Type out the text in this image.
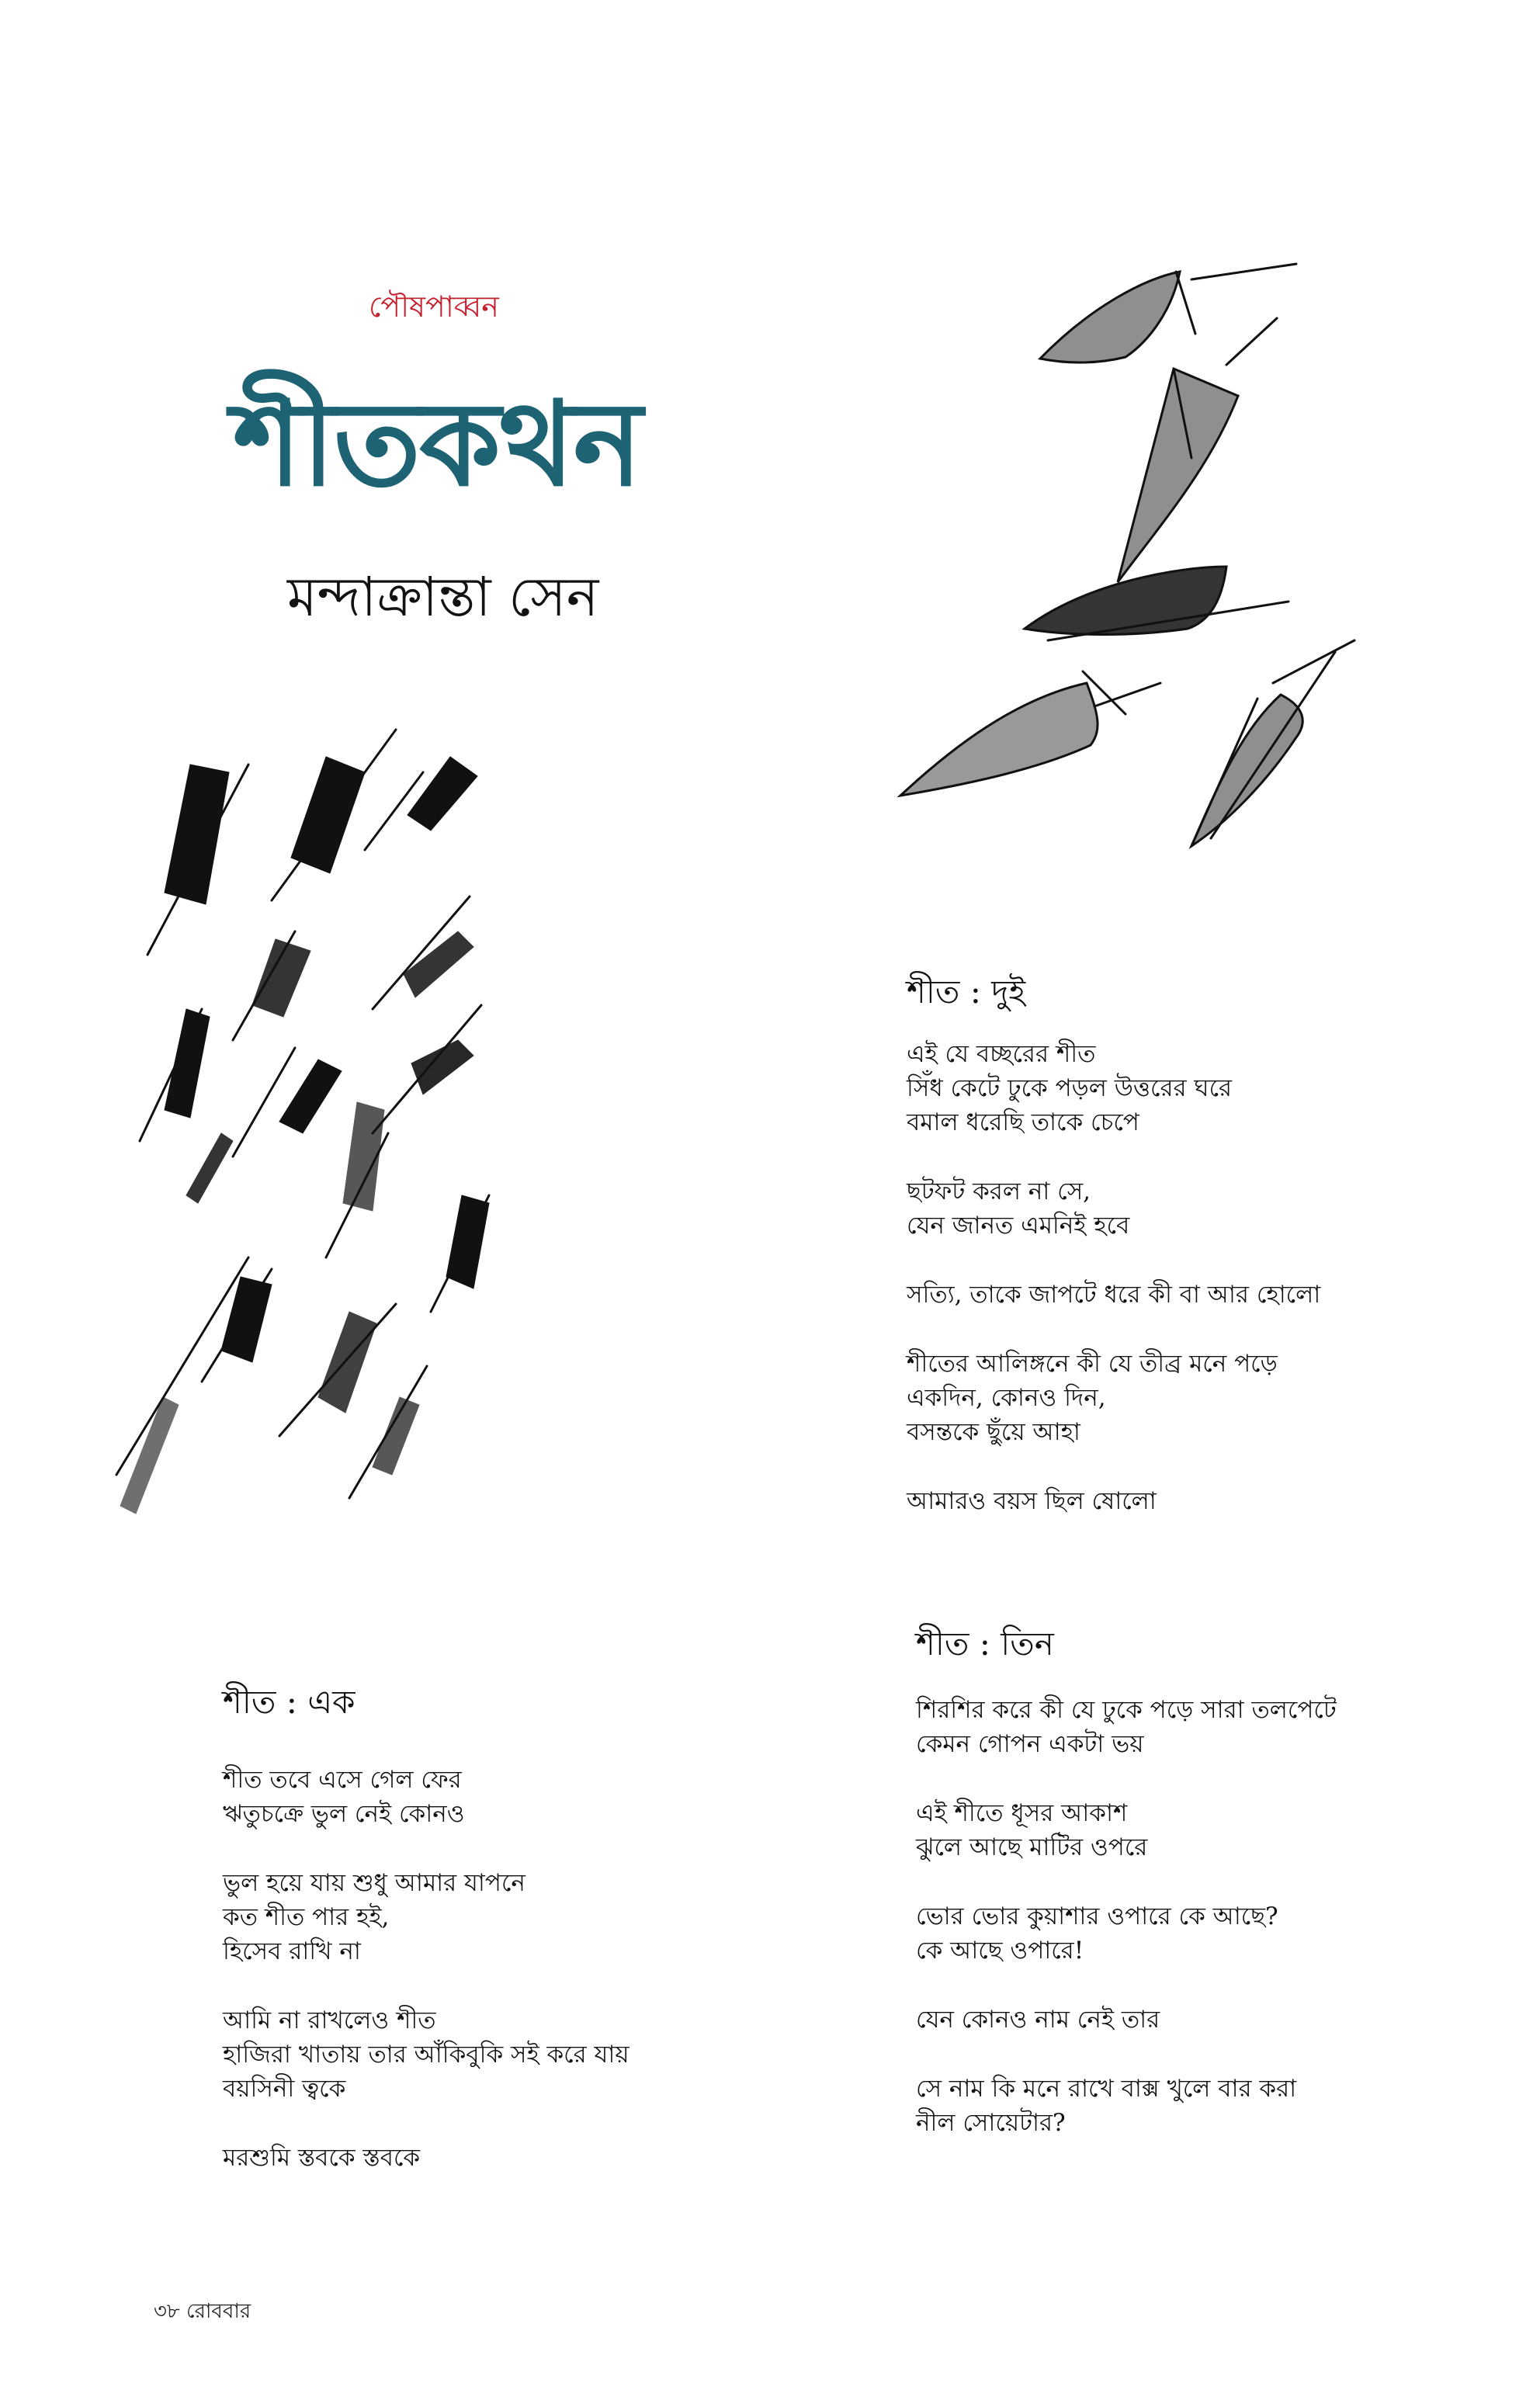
পৌষপাব্বন
শীতকথন
মন্দাক্রান্তা সেন
শীত : এক
শীত তবে এসে গেল ফের
ঋতুচক্রে ভুল নেই কোনও
ভুল হয়ে যায় শুধু আমার যাপনে
কত শীত পার হই,
হিসেব রাখি না
আমি না রাখলেও শীত
হাজিরা খাতায় তার আঁকিবুকি সই করে যায়
বয়সিনী ত্বকে
মরশুমি স্তবকে স্তবকে
শীত : দুই
এই যে বচ্ছরের শীত
সিঁধ কেটে ঢুকে পড়ল উত্তরের ঘরে
বমাল ধরেছি তাকে চেপে
ছটফট করল না সে,
যেন জানত এমনিই হবে
সত্যি, তাকে জাপটে ধরে কী বা আর হোলো
শীতের আলিঙ্গনে কী যে তীব্র মনে পড়ে
একদিন, কোনও দিন,
বসন্তকে ছুঁয়ে আহা
আমারও বয়স ছিল ষোলো
শীত : তিন
শিরশির করে কী যে ঢুকে পড়ে সারা তলপেটে
কেমন গোপন একটা ভয়
এই শীতে ধূসর আকাশ
ঝুলে আছে মাটির ওপরে
ভোর ভোর কুয়াশার ওপারে কে আছে?
কে আছে ওপারে!
যেন কোনও নাম নেই তার
সে নাম কি মনে রাখে বাক্স খুলে বার করা
নীল সোয়েটার?
৩৮ রোববার
